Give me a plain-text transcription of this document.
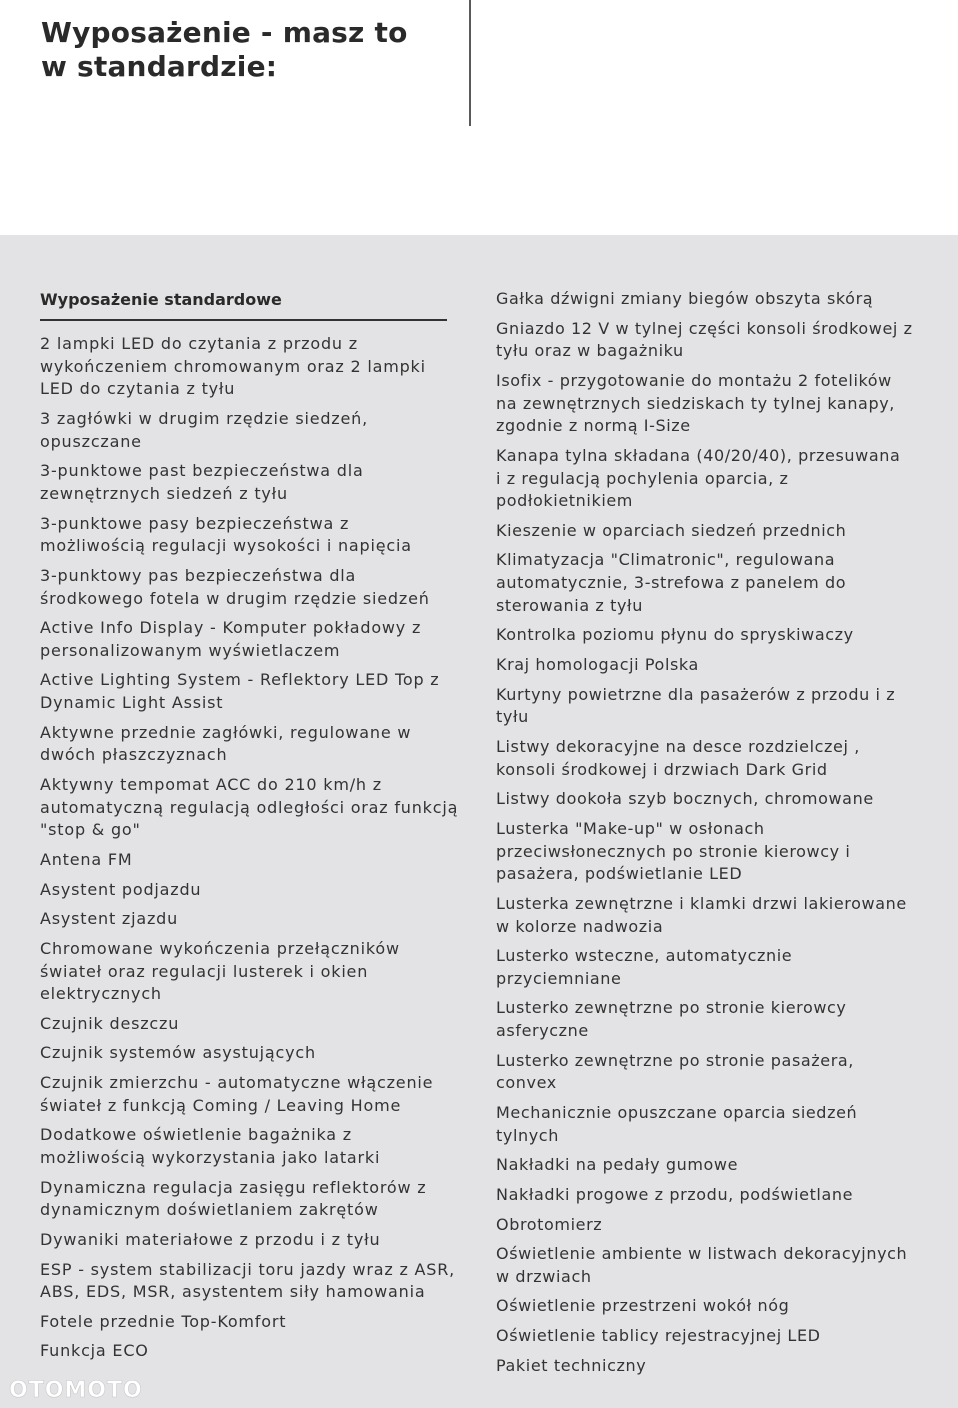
Wyposażenie - masz to
w standardzie:
Wyposażenie standardowe
2 lampki LED do czytania z przodu z
wykończeniem chromowanym oraz 2 lampki
LED do czytania z tyłu
3 zagłówki w drugim rzędzie siedzeń,
opuszczane
3-punktowe past bezpieczeństwa dla
zewnętrznych siedzeń z tyłu
3-punktowe pasy bezpieczeństwa z
możliwością regulacji wysokości i napięcia
3-punktowy pas bezpieczeństwa dla
środkowego fotela w drugim rzędzie siedzeń
Active Info Display - Komputer pokładowy z
personalizowanym wyświetlaczem
Active Lighting System - Reflektory LED Top z
Dynamic Light Assist
Aktywne przednie zagłówki, regulowane w
dwóch płaszczyznach
Aktywny tempomat ACC do 210 km/h z
automatyczną regulacją odległości oraz funkcją
"stop & go"
Antena FM
Asystent podjazdu
Asystent zjazdu
Chromowane wykończenia przełączników
świateł oraz regulacji lusterek i okien
elektrycznych
Czujnik deszczu
Czujnik systemów asystujących
Czujnik zmierzchu - automatyczne włączenie
świateł z funkcją Coming / Leaving Home
Dodatkowe oświetlenie bagażnika z
możliwością wykorzystania jako latarki
Dynamiczna regulacja zasięgu reflektorów z
dynamicznym doświetlaniem zakrętów
Dywaniki materiałowe z przodu i z tyłu
ESP - system stabilizacji toru jazdy wraz z ASR,
ABS, EDS, MSR, asystentem siły hamowania
Fotele przednie Top-Komfort
Funkcja ECO
Gałka dźwigni zmiany biegów obszyta skórą
Gniazdo 12 V w tylnej części konsoli środkowej z
tyłu oraz w bagażniku
Isofix - przygotowanie do montażu 2 fotelików
na zewnętrznych siedziskach ty tylnej kanapy,
zgodnie z normą I-Size
Kanapa tylna składana (40/20/40), przesuwana
i z regulacją pochylenia oparcia, z
podłokietnikiem
Kieszenie w oparciach siedzeń przednich
Klimatyzacja "Climatronic", regulowana
automatycznie, 3-strefowa z panelem do
sterowania z tyłu
Kontrolka poziomu płynu do spryskiwaczy
Kraj homologacji Polska
Kurtyny powietrzne dla pasażerów z przodu i z
tyłu
Listwy dekoracyjne na desce rozdzielczej ,
konsoli środkowej i drzwiach Dark Grid
Listwy dookoła szyb bocznych, chromowane
Lusterka "Make-up" w osłonach
przeciwsłonecznych po stronie kierowcy i
pasażera, podświetlanie LED
Lusterka zewnętrzne i klamki drzwi lakierowane
w kolorze nadwozia
Lusterko wsteczne, automatycznie
przyciemniane
Lusterko zewnętrzne po stronie kierowcy
asferyczne
Lusterko zewnętrzne po stronie pasażera,
convex
Mechanicznie opuszczane oparcia siedzeń
tylnych
Nakładki na pedały gumowe
Nakładki progowe z przodu, podświetlane
Obrotomierz
Oświetlenie ambiente w listwach dekoracyjnych
w drzwiach
Oświetlenie przestrzeni wokół nóg
Oświetlenie tablicy rejestracyjnej LED
Pakiet techniczny
OTOMOTO
